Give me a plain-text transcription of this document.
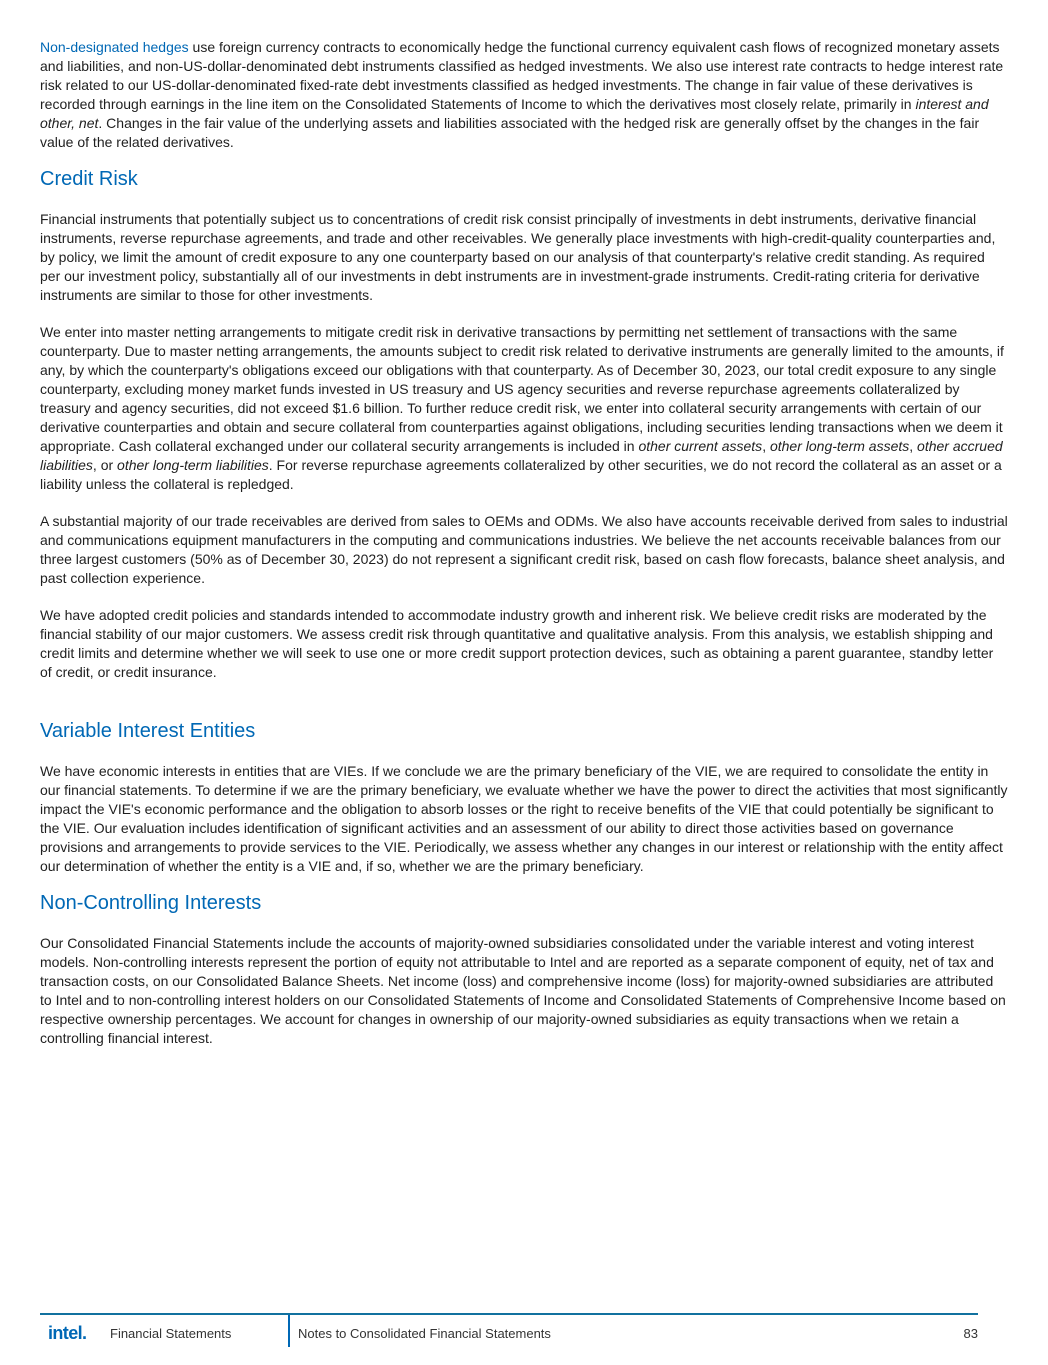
Non-designated hedges use foreign currency contracts to economically hedge the functional currency equivalent cash flows of recognized monetary assets and liabilities, and non-US-dollar-denominated debt instruments classified as hedged investments. We also use interest rate contracts to hedge interest rate risk related to our US-dollar-denominated fixed-rate debt investments classified as hedged investments. The change in fair value of these derivatives is recorded through earnings in the line item on the Consolidated Statements of Income to which the derivatives most closely relate, primarily in interest and other, net. Changes in the fair value of the underlying assets and liabilities associated with the hedged risk are generally offset by the changes in the fair value of the related derivatives.

Credit Risk

Financial instruments that potentially subject us to concentrations of credit risk consist principally of investments in debt instruments, derivative financial instruments, reverse repurchase agreements, and trade and other receivables. We generally place investments with high-credit-quality counterparties and, by policy, we limit the amount of credit exposure to any one counterparty based on our analysis of that counterparty's relative credit standing. As required per our investment policy, substantially all of our investments in debt instruments are in investment-grade instruments. Credit-rating criteria for derivative instruments are similar to those for other investments.

We enter into master netting arrangements to mitigate credit risk in derivative transactions by permitting net settlement of transactions with the same counterparty. Due to master netting arrangements, the amounts subject to credit risk related to derivative instruments are generally limited to the amounts, if any, by which the counterparty's obligations exceed our obligations with that counterparty. As of December 30, 2023, our total credit exposure to any single counterparty, excluding money market funds invested in US treasury and US agency securities and reverse repurchase agreements collateralized by treasury and agency securities, did not exceed $1.6 billion. To further reduce credit risk, we enter into collateral security arrangements with certain of our derivative counterparties and obtain and secure collateral from counterparties against obligations, including securities lending transactions when we deem it appropriate. Cash collateral exchanged under our collateral security arrangements is included in other current assets, other long-term assets, other accrued liabilities, or other long-term liabilities. For reverse repurchase agreements collateralized by other securities, we do not record the collateral as an asset or a liability unless the collateral is repledged.

A substantial majority of our trade receivables are derived from sales to OEMs and ODMs. We also have accounts receivable derived from sales to industrial and communications equipment manufacturers in the computing and communications industries. We believe the net accounts receivable balances from our three largest customers (50% as of December 30, 2023) do not represent a significant credit risk, based on cash flow forecasts, balance sheet analysis, and past collection experience.

We have adopted credit policies and standards intended to accommodate industry growth and inherent risk. We believe credit risks are moderated by the financial stability of our major customers. We assess credit risk through quantitative and qualitative analysis. From this analysis, we establish shipping and credit limits and determine whether we will seek to use one or more credit support protection devices, such as obtaining a parent guarantee, standby letter of credit, or credit insurance.

Variable Interest Entities

We have economic interests in entities that are VIEs. If we conclude we are the primary beneficiary of the VIE, we are required to consolidate the entity in our financial statements. To determine if we are the primary beneficiary, we evaluate whether we have the power to direct the activities that most significantly impact the VIE's economic performance and the obligation to absorb losses or the right to receive benefits of the VIE that could potentially be significant to the VIE. Our evaluation includes identification of significant activities and an assessment of our ability to direct those activities based on governance provisions and arrangements to provide services to the VIE. Periodically, we assess whether any changes in our interest or relationship with the entity affect our determination of whether the entity is a VIE and, if so, whether we are the primary beneficiary.

Non-Controlling Interests

Our Consolidated Financial Statements include the accounts of majority-owned subsidiaries consolidated under the variable interest and voting interest models. Non-controlling interests represent the portion of equity not attributable to Intel and are reported as a separate component of equity, net of tax and transaction costs, on our Consolidated Balance Sheets. Net income (loss) and comprehensive income (loss) for majority-owned subsidiaries are attributed to Intel and to non-controlling interest holders on our Consolidated Statements of Income and Consolidated Statements of Comprehensive Income based on respective ownership percentages. We account for changes in ownership of our majority-owned subsidiaries as equity transactions when we retain a controlling financial interest.

intel. Financial Statements	Notes to Consolidated Financial Statements	83
